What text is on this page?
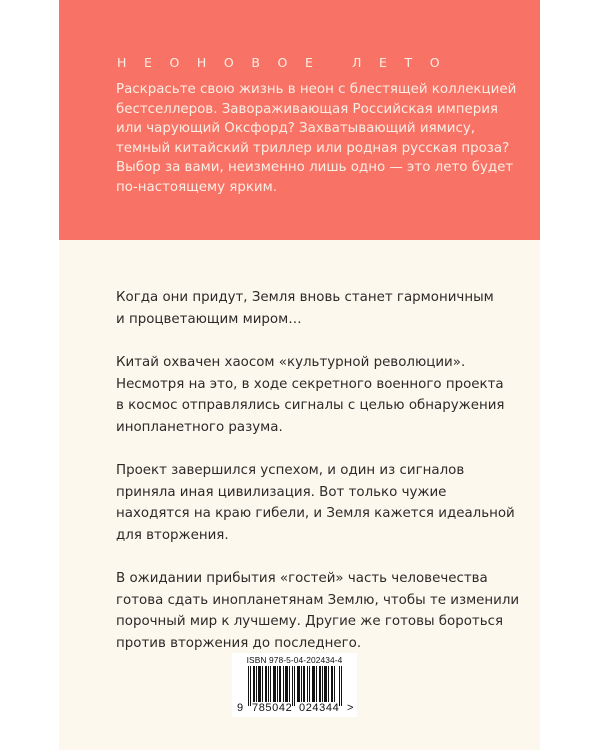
НЕОНОВОЕ ЛЕТО

Раскрасьте свою жизнь в неон с блестящей коллекцией
бестселлеров. Завораживающая Российская империя
или чарующий Оксфорд? Захватывающий иямису,
темный китайский триллер или родная русская проза?
Выбор за вами, неизменно лишь одно — это лето будет
по-настоящему ярким.

Когда они придут, Земля вновь станет гармоничным
и процветающим миром…

Китай охвачен хаосом «культурной революции».
Несмотря на это, в ходе секретного военного проекта
в космос отправлялись сигналы с целью обнаружения
инопланетного разума.

Проект завершился успехом, и один из сигналов
приняла иная цивилизация. Вот только чужие
находятся на краю гибели, и Земля кажется идеальной
для вторжения.

В ожидании прибытия «гостей» часть человечества
готова сдать инопланетянам Землю, чтобы те изменили
порочный мир к лучшему. Другие же готовы бороться
против вторжения до последнего.

ISBN 978-5-04-202434-4
9 785042 024344 >
